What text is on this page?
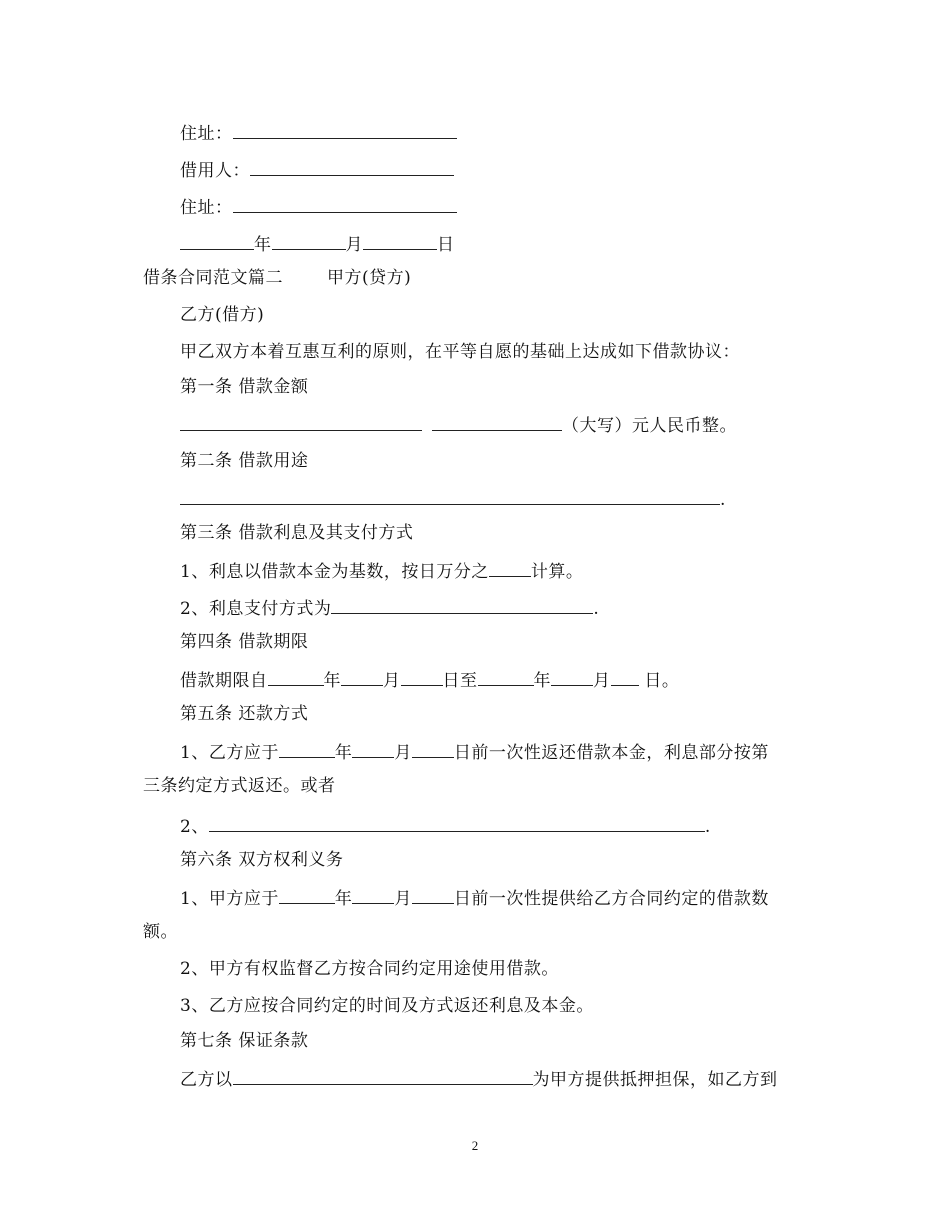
住址：
借用人：
住址：
年	月	日
借条合同范文篇二	甲方(贷方)
乙方(借方)
甲乙双方本着互惠互利的原则，在平等自愿的基础上达成如下借款协议：
第一条 借款金额
（大写）元人民币整。
第二条 借款用途
.
第三条 借款利息及其支付方式
1、利息以借款本金为基数，按日万分之 计算。
2、利息支付方式为	.
第四条 借款期限
借款期限自	年 月 日至	年 月 日。
第五条 还款方式
1、乙方应于	年 月 日前一次性返还借款本金，利息部分按第
三条约定方式返还。或者
2、	.
第六条 双方权利义务
1、甲方应于	年 月 日前一次性提供给乙方合同约定的借款数
额。
2、甲方有权监督乙方按合同约定用途使用借款。
3、乙方应按合同约定的时间及方式返还利息及本金。
第七条 保证条款
乙方以	为甲方提供抵押担保，如乙方到
2
